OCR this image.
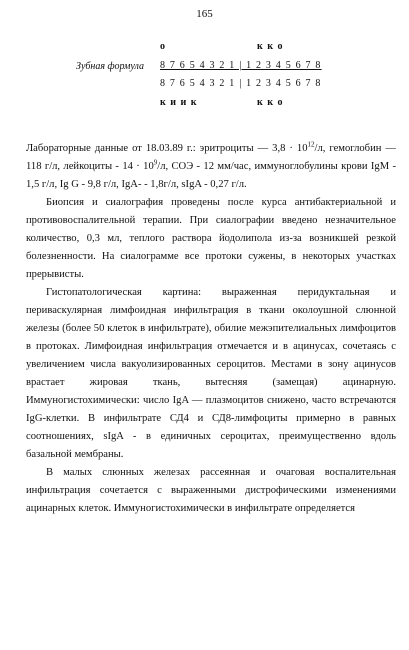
165
о	к к о
Зубная формула 8 7 6 5 4 3 2 1 | 1 2 3 4 5 6 7 8
8 7 6 5 4 3 2 1 | 1 2 3 4 5 6 7 8
к и и к	к к о

Лабораторные данные от 18.03.89 г.: эритроциты — $3,8 \cdot 10^{12}/л$, гемоглобин — 118 г/л, лейкоциты - $14 \cdot 10^9/л$, СОЭ - 12 мм/час, иммуноглобулины крови IgM - 1,5 г/л, Ig G - 9,8 г/л, IgA- - 1,8г/л, sIgA - 0,27 г/л.

Биопсия и сиалография проведены после курса антибактериальной и противовоспалительной терапии. При сиалографии введено незначительное количество, 0,3 мл, теплого раствора йодолипола из-за возникшей резкой болезненности. На сиалограмме все протоки сужены, в некоторых участках прерывисты.

Гистопатологическая картина: выраженная перидуктальная и периваскулярная лимфоидная инфильтрация в ткани околоушной слюнной железы (более 50 клеток в инфильтрате), обилие межэпителиальных лимфоцитов в протоках. Лимфоидная инфильтрация отмечается и в ацинусах, сочетаясь с увеличением числа вакуолизированных сероцитов. Местами в зону ацинусов врастает жировая ткань, вытесняя (замещая) ацинарную. Иммуногистохимически: число IgA — плазмоцитов снижено, часто встречаются IgG-клетки. В инфильтрате СД4 и СД8-лимфоциты примерно в равных соотношениях, sIgA - в единичных сероцитах, преимущественно вдоль базальной мембраны.

В малых слюнных железах рассеянная и очаговая воспалительная инфильтрация сочетается с выраженными дистрофическими изменениями ацинарных клеток. Иммуногистохимически в инфильтрате определяется
